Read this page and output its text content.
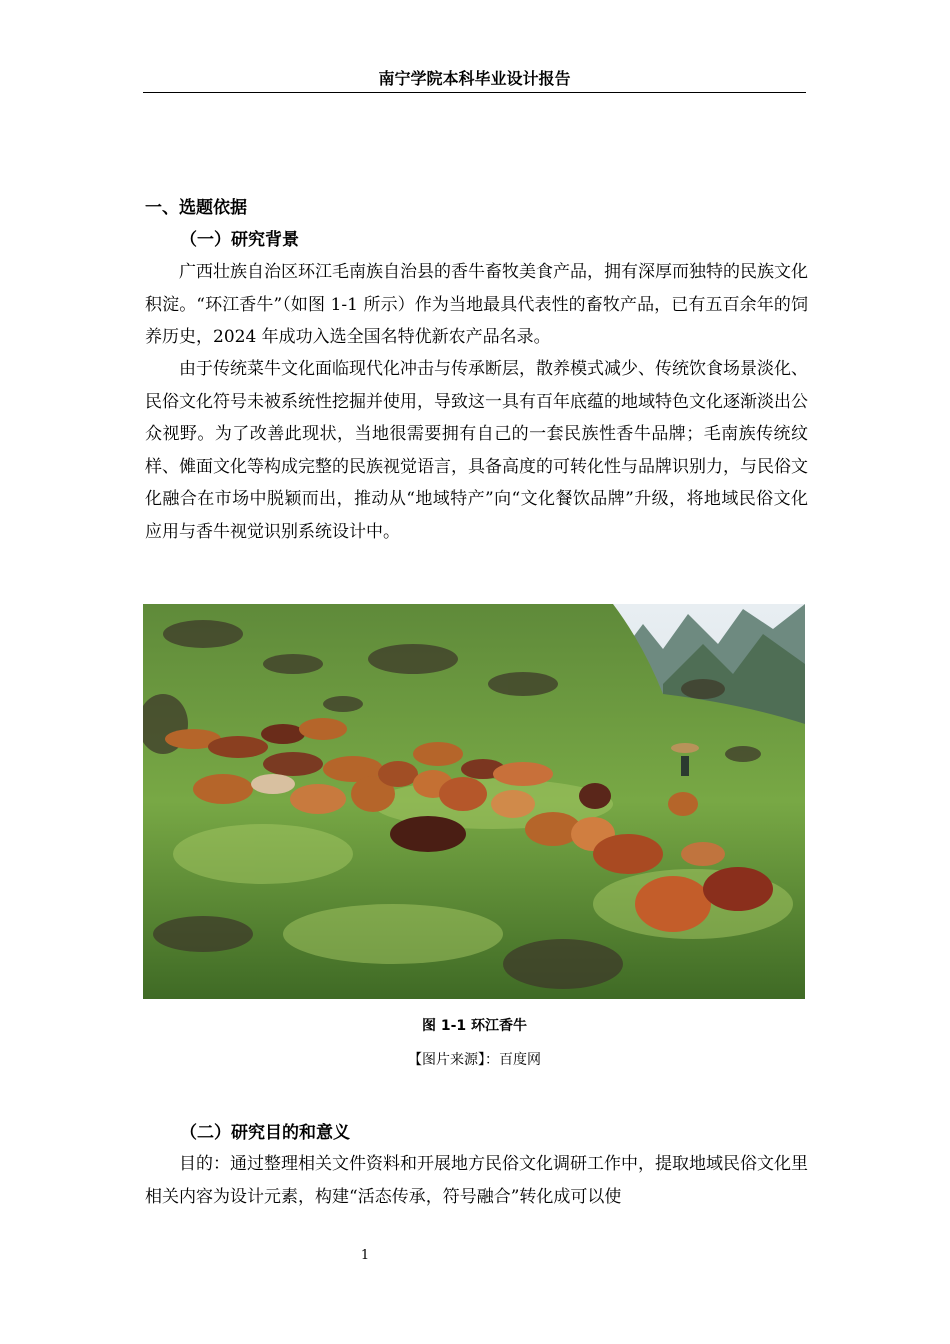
南宁学院本科毕业设计报告
一、选题依据
（一）研究背景

广西壮族自治区环江毛南族自治县的香牛畜牧美食产品，拥有深厚而独特的民族文化积淀。“环江香牛”（如图 1-1 所示）作为当地最具代表性的畜牧产品，已有五百余年的饲养历史，2024 年成功入选全国名特优新农产品名录。

由于传统菜牛文化面临现代化冲击与传承断层，散养模式减少、传统饮食场景淡化、民俗文化符号未被系统性挖掘并使用，导致这一具有百年底蕴的地域特色文化逐渐淡出公众视野。为了改善此现状，当地很需要拥有自己的一套民族性香牛品牌；毛南族传统纹样、傩面文化等构成完整的民族视觉语言，具备高度的可转化性与品牌识别力，与民俗文化融合在市场中脱颖而出，推动从“地域特产”向“文化餐饮品牌”升级，将地域民俗文化应用与香牛视觉识别系统设计中。

图 1-1 环江香牛
【图片来源】：百度网
（二）研究目的和意义

目的：通过整理相关文件资料和开展地方民俗文化调研工作中，提取地域民俗文化里相关内容为设计元素，构建“活态传承，符号融合”转化成可以使

1
